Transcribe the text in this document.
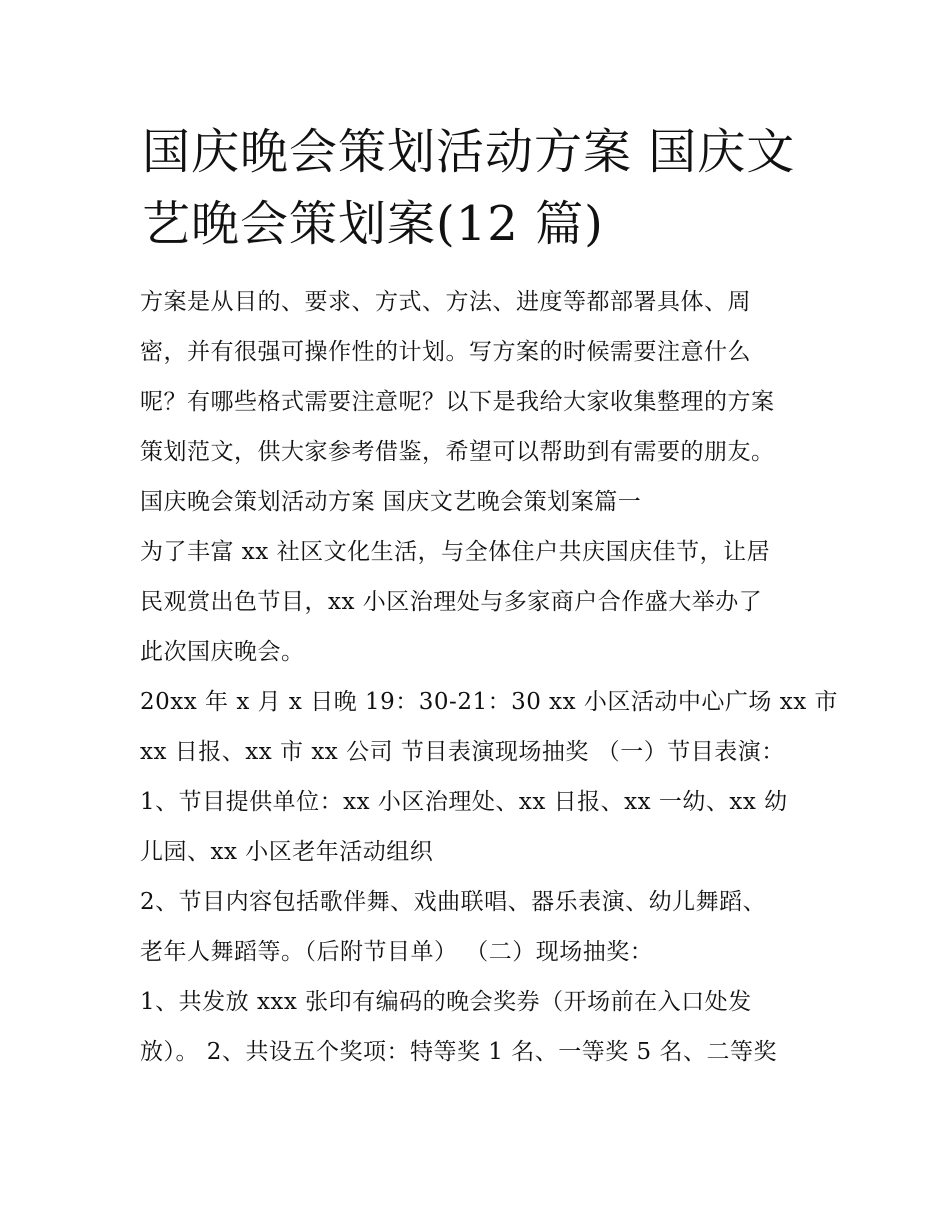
国庆晚会策划活动方案 国庆文
艺晚会策划案(12 篇)

方案是从目的、要求、方式、方法、进度等都部署具体、周

密，并有很强可操作性的计划。写方案的时候需要注意什么

呢？有哪些格式需要注意呢？以下是我给大家收集整理的方案

策划范文，供大家参考借鉴，希望可以帮助到有需要的朋友。

国庆晚会策划活动方案 国庆文艺晚会策划案篇一

为了丰富 xx 社区文化生活，与全体住户共庆国庆佳节，让居

民观赏出色节目，xx 小区治理处与多家商户合作盛大举办了

此次国庆晚会。

20xx 年 x 月 x 日晚 19：30-21：30 xx 小区活动中心广场 xx 市

xx 日报、xx 市 xx 公司 节目表演现场抽奖 （一）节目表演：

1、节目提供单位：xx 小区治理处、xx 日报、xx 一幼、xx 幼

儿园、xx 小区老年活动组织

2、节目内容包括歌伴舞、戏曲联唱、器乐表演、幼儿舞蹈、

老年人舞蹈等。（后附节目单） （二）现场抽奖：

1、共发放 xxx 张印有编码的晚会奖券（开场前在入口处发

放）。 2、共设五个奖项：特等奖 1 名、一等奖 5 名、二等奖
